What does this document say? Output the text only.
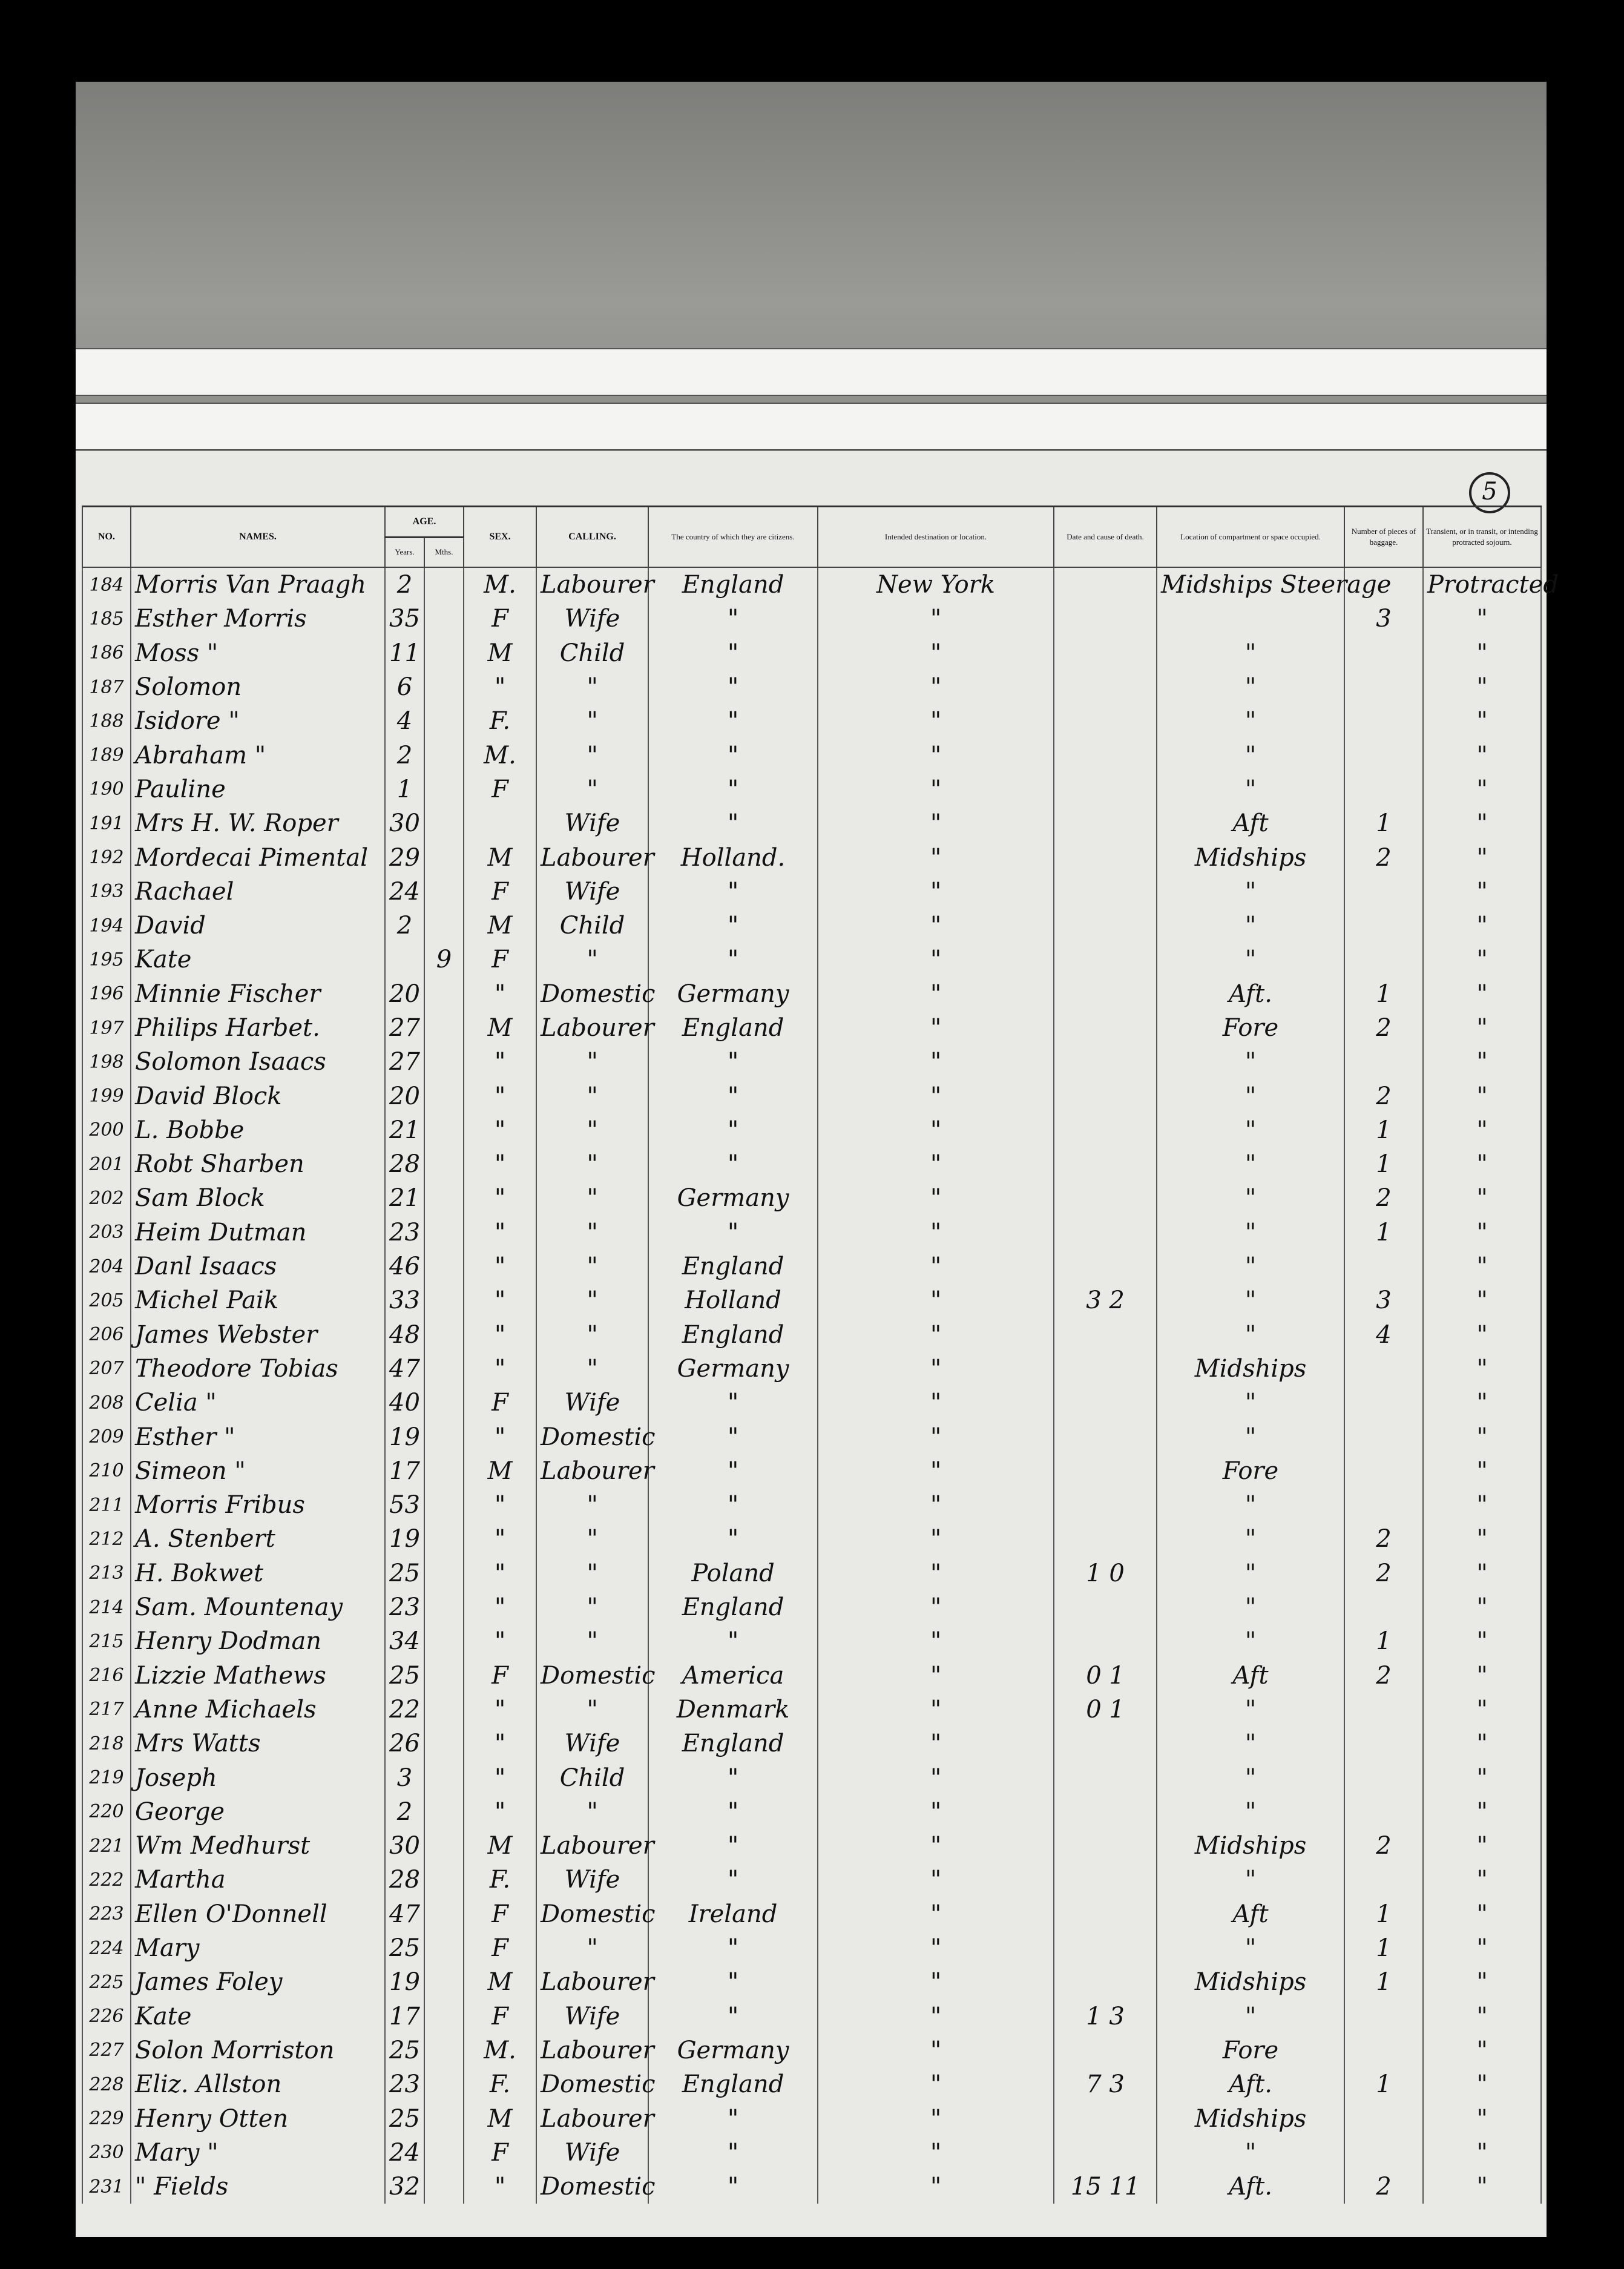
5
NO.	NAMES.	AGE.		SEX.	CALLING.	The country of which they are citizens.	Intended destination or location.	Date and cause of death.	Location of compartment or space occupied.	Number of pieces of baggage.	Transient, or in transit, or intending protracted sojourn.

		Years.	Mths.								

184	Morris Van Praagh	2		M.	Labourer	England	New York		Midships Steerage		Protracted
185	Esther Morris	35		F	Wife	"	"			3	"
186	Moss "	11		M	Child	"	"		"		"
187	Solomon	6		"	"	"	"		"		"
188	Isidore "	4		F.	"	"	"		"		"
189	Abraham "	2		M.	"	"	"		"		"
190	Pauline	1		F	"	"	"		"		"
191	Mrs H. W. Roper	30			Wife	"	"		Aft	1	"
192	Mordecai Pimental	29		M	Labourer	Holland.	"		Midships	2	"
193	Rachael	24		F	Wife	"	"		"		"
194	David	2		M	Child	"	"		"		"
195	Kate		9	F	"	"	"		"		"
196	Minnie Fischer	20		"	Domestic	Germany	"		Aft.	1	"
197	Philips Harbet.	27		M	Labourer	England	"		Fore	2	"
198	Solomon Isaacs	27		"	"	"	"		"		"
199	David Block	20		"	"	"	"		"	2	"
200	L. Bobbe	21		"	"	"	"		"	1	"
201	Robt Sharben	28		"	"	"	"		"	1	"
202	Sam Block	21		"	"	Germany	"		"	2	"
203	Heim Dutman	23		"	"	"	"		"	1	"
204	Danl Isaacs	46		"	"	England	"		"		"
205	Michel Paik	33		"	"	Holland	"	3 2	"	3	"
206	James Webster	48		"	"	England	"		"	4	"
207	Theodore Tobias	47		"	"	Germany	"		Midships		"
208	Celia "	40		F	Wife	"	"		"		"
209	Esther "	19		"	Domestic	"	"		"		"
210	Simeon "	17		M	Labourer	"	"		Fore		"
211	Morris Fribus	53		"	"	"	"		"		"
212	A. Stenbert	19		"	"	"	"		"	2	"
213	H. Bokwet	25		"	"	Poland	"	1 0	"	2	"
214	Sam. Mountenay	23		"	"	England	"		"		"
215	Henry Dodman	34		"	"	"	"		"	1	"
216	Lizzie Mathews	25		F	Domestic	America	"	0 1	Aft	2	"
217	Anne Michaels	22		"	"	Denmark	"	0 1	"		"
218	Mrs Watts	26		"	Wife	England	"		"		"
219	Joseph	3		"	Child	"	"		"		"
220	George	2		"	"	"	"		"		"
221	Wm Medhurst	30		M	Labourer	"	"		Midships	2	"
222	Martha	28		F.	Wife	"	"		"		"
223	Ellen O'Donnell	47		F	Domestic	Ireland	"		Aft	1	"
224	Mary	25		F	"	"	"		"	1	"
225	James Foley	19		M	Labourer	"	"		Midships	1	"
226	Kate	17		F	Wife	"	"	1 3	"		"
227	Solon Morriston	25		M.	Labourer	Germany	"		Fore		"
228	Eliz. Allston	23		F.	Domestic	England	"	7 3	Aft.	1	"
229	Henry Otten	25		M	Labourer	"	"		Midships		"
230	Mary "	24		F	Wife	"	"		"		"
231	" Fields	32		"	Domestic	"	"	15 11	Aft.	2	"
